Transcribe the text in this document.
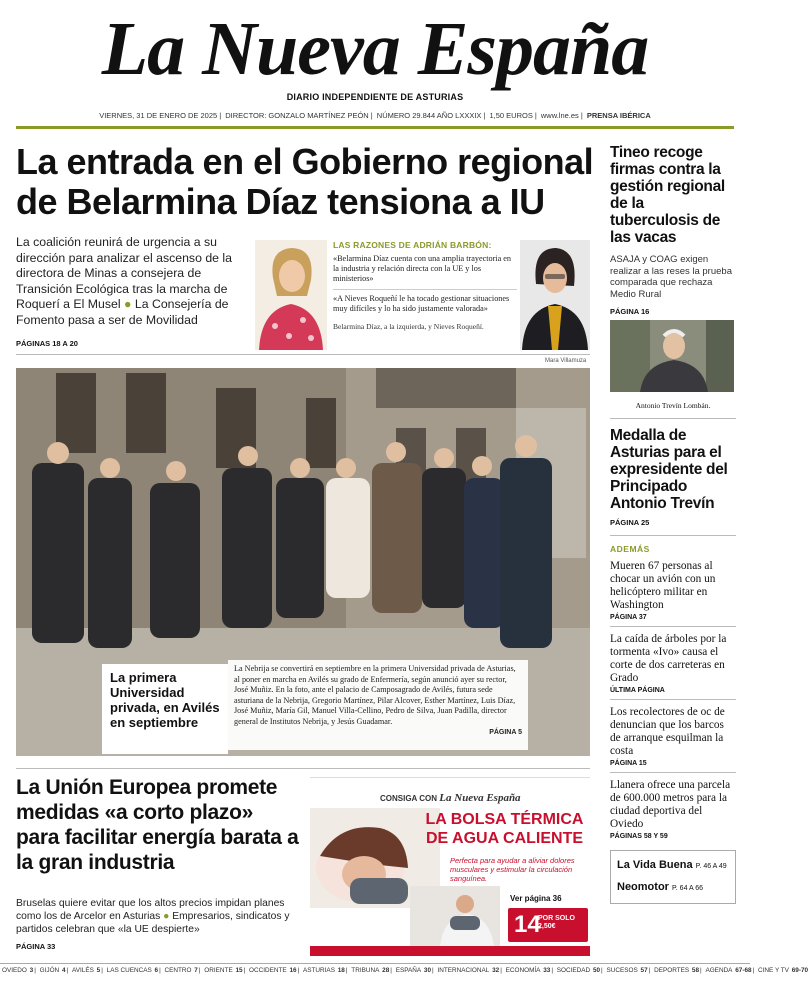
La Nueva España
DIARIO INDEPENDIENTE DE ASTURIAS
VIERNES, 31 DE ENERO DE 2025 | DIRECTOR: GONZALO MARTÍNEZ PEÓN | NÚMERO 29.844 AÑO LXXXIX | 1,50 EUROS | www.lne.es | PRENSA IBÉRICA
La entrada en el Gobierno regional de Belarmina Díaz tensiona a IU
La coalición reunirá de urgencia a su dirección para analizar el ascenso de la directora de Minas a consejera de Transición Ecológica tras la marcha de Roquerí a El Musel ● La Consejería de Fomento pasa a ser de Movilidad
PÁGINAS 18 A 20
LAS RAZONES DE ADRIÁN BARBÓN:
«Belarmina Díaz cuenta con una amplia trayectoria en la industria y relación directa con la UE y los ministerios»
«A Nieves Roqueñí le ha tocado gestionar situaciones muy difíciles y lo ha sido justamente valorada»
Belarmina Díaz, a la izquierda, y Nieves Roqueñí.
Mara Villamuza
La primera Universidad privada, en Avilés en septiembre
La Nebrija se convertirá en septiembre en la primera Universidad privada de Asturias, al poner en marcha en Avilés su grado de Enfermería, según anunció ayer su rector, José Muñiz. En la foto, ante el palacio de Camposagrado de Avilés, futura sede asturiana de la Nebrija, Gregorio Martínez, Pilar Alcover, Esther Martínez, Luis Díaz, José Muñiz, María Gil, Manuel Villa-Cellino, Pedro de Silva, Juan Padilla, director general de Institutos Nebrija, y Jesús Guadamar.
PÁGINA 5
Tineo recoge firmas contra la gestión regional de la tuberculosis de las vacas
ASAJA y COAG exigen realizar a las reses la prueba comparada que rechaza Medio Rural
PÁGINA 16
Antonio Trevín Lombán.
Medalla de Asturias para el expresidente del Principado Antonio Trevín
PÁGINA 25
ADEMÁS
Mueren 67 personas al chocar un avión con un helicóptero militar en Washington
PÁGINA 37
La caída de árboles por la tormenta «Ivo» causa el corte de dos carreteras en Grado
ÚLTIMA PÁGINA
Los recolectores de oc de denuncian que los barcos de arranque esquilman la costa
PÁGINA 15
Llanera ofrece una parcela de 600.000 metros para la ciudad deportiva del Oviedo
PÁGINAS 58 Y 59
La Vida Buena P. 46 A 49
Neomotor P. 64 A 66
La Unión Europea promete medidas «a corto plazo» para facilitar energía barata a la gran industria
Bruselas quiere evitar que los altos precios impidan planes como los de Arcelor en Asturias ● Empresarios, sindicatos y partidos celebran que «la UE despierte»
PÁGINA 33
CONSIGA CON La Nueva España
LA BOLSA TÉRMICA DE AGUA CALIENTE
Perfecta para ayudar a aliviar dolores musculares y estimular la circulación sanguínea.
Ver página 36
14
POR SOLO 2,50€
OVIEDO 3| GIJÓN 4| AVILÉS 5| LAS CUENCAS 6| CENTRO 7| ORIENTE 15| OCCIDENTE 16| ASTURIAS 18| TRIBUNA 28| ESPAÑA 30| INTERNACIONAL 32| ECONOMÍA 33| SOCIEDAD 50| SUCESOS 57| DEPORTES 58| AGENDA 67-68| CINE Y TV 69-70
